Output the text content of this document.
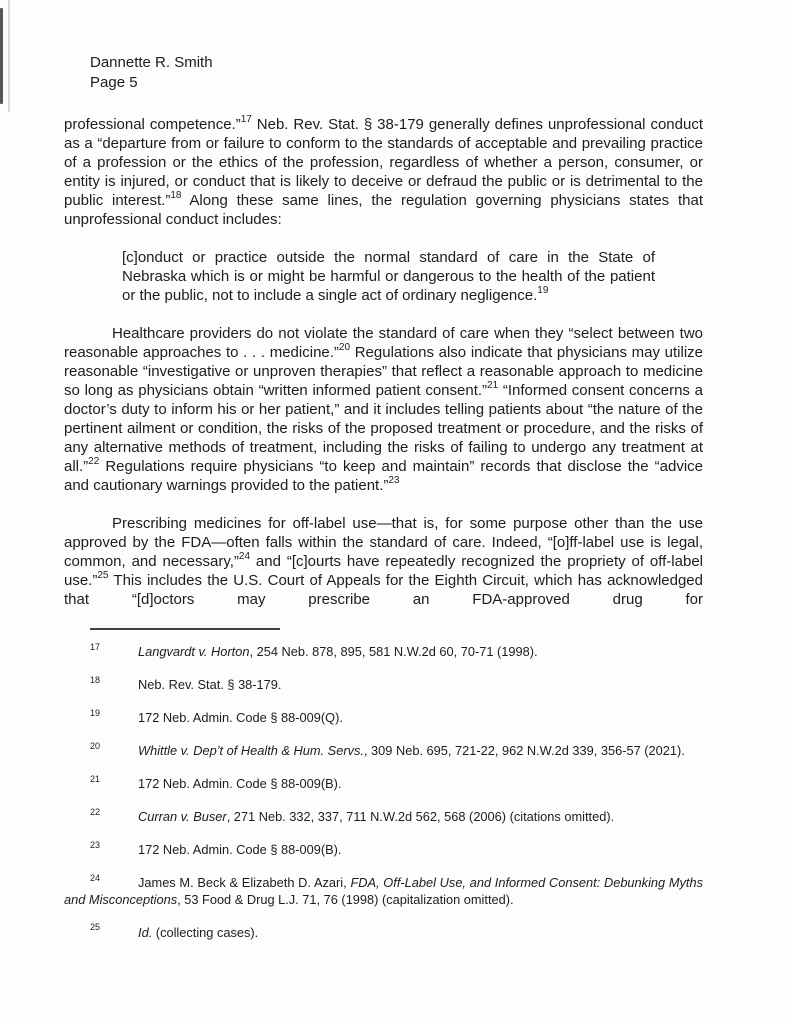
Dannette R. Smith
Page 5

professional competence.”$^{17}$ Neb. Rev. Stat. § 38-179 generally defines unprofessional conduct as a “departure from or failure to conform to the standards of acceptable and prevailing practice of a profession or the ethics of the profession, regardless of whether a person, consumer, or entity is injured, or conduct that is likely to deceive or defraud the public or is detrimental to the public interest.”$^{18}$ Along these same lines, the regulation governing physicians states that unprofessional conduct includes:

[c]onduct or practice outside the normal standard of care in the State of Nebraska which is or might be harmful or dangerous to the health of the patient or the public, not to include a single act of ordinary negligence.$^{19}$

Healthcare providers do not violate the standard of care when they “select between two reasonable approaches to . . . medicine.”$^{20}$ Regulations also indicate that physicians may utilize reasonable “investigative or unproven therapies” that reflect a reasonable approach to medicine so long as physicians obtain “written informed patient consent.”$^{21}$ “Informed consent concerns a doctor’s duty to inform his or her patient,” and it includes telling patients about “the nature of the pertinent ailment or condition, the risks of the proposed treatment or procedure, and the risks of any alternative methods of treatment, including the risks of failing to undergo any treatment at all.”$^{22}$ Regulations require physicians “to keep and maintain” records that disclose the “advice and cautionary warnings provided to the patient.”$^{23}$

Prescribing medicines for off-label use—that is, for some purpose other than the use approved by the FDA—often falls within the standard of care. Indeed, “[o]ff-label use is legal, common, and necessary,”$^{24}$ and “[c]ourts have repeatedly recognized the propriety of off-label use.”$^{25}$ This includes the U.S. Court of Appeals for the Eighth Circuit, which has acknowledged that “[d]octors may prescribe an FDA-approved drug for

$^{17}$	Langvardt v. Horton, 254 Neb. 878, 895, 581 N.W.2d 60, 70-71 (1998).
$^{18}$	Neb. Rev. Stat. § 38-179.
$^{19}$	172 Neb. Admin. Code § 88-009(Q).
$^{20}$	Whittle v. Dep’t of Health & Hum. Servs., 309 Neb. 695, 721-22, 962 N.W.2d 339, 356-57 (2021).
$^{21}$	172 Neb. Admin. Code § 88-009(B).
$^{22}$	Curran v. Buser, 271 Neb. 332, 337, 711 N.W.2d 562, 568 (2006) (citations omitted).
$^{23}$	172 Neb. Admin. Code § 88-009(B).
$^{24}$	James M. Beck & Elizabeth D. Azari, FDA, Off-Label Use, and Informed Consent: Debunking Myths and Misconceptions, 53 Food & Drug L.J. 71, 76 (1998) (capitalization omitted).
$^{25}$	Id. (collecting cases).
